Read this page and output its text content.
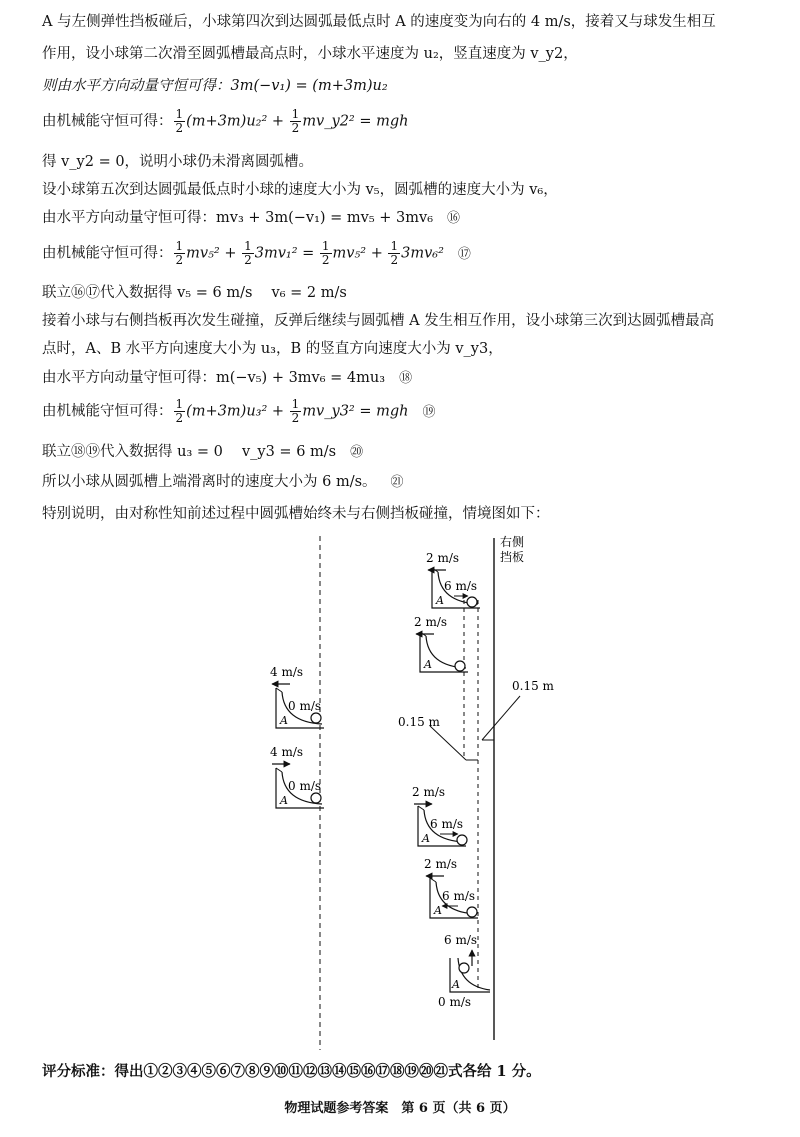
A 与左侧弹性挡板碰后，小球第四次到达圆弧最低点时 A 的速度变为向右的 4 m/s，接着又与球发生相互
作用，设小球第二次滑至圆弧槽最高点时，小球水平速度为 u₂，竖直速度为 v_y2，
则由水平方向动量守恒可得：3m(−v₁) = (m+3m)u₂
由机械能守恒可得： $\frac{1}{2} (m+3m)u_2^2 + \frac{1}{2}$ mv_y2² = mgh
得 v_y2 = 0，说明小球仍未滑离圆弧槽。
设小球第五次到达圆弧最低点时小球的速度大小为 v₅，圆弧槽的速度大小为 v₆，
由水平方向动量守恒可得：mv₃ + 3m(−v₁) = mv₅ + 3mv₆ ⑯
由机械能守恒可得： $\frac{1}{2} mv_5^2 + \frac{1}{2} 3mv_1^2 = \frac{1}{2} mv_5^2 + \frac{1}{2} 3mv_6^2$ ⑰
联立⑯⑰代入数据得 v₅ = 6 m/s　 v₆ = 2 m/s
接着小球与右侧挡板再次发生碰撞，反弹后继续与圆弧槽 A 发生相互作用，设小球第三次到达圆弧槽最高
点时，A、B 水平方向速度大小为 u₃，B 的竖直方向速度大小为 v_y3，
由水平方向动量守恒可得：m(−v₅) + 3mv₆ = 4mu₃ ⑱
由机械能守恒可得： $\frac{1}{2} (m+3m)u_3^2 + \frac{1}{2}$ mv_y3² = mgh ⑲
联立⑱⑲代入数据得 u₃ = 0　 v_y3 = 6 m/s ⑳
所以小球从圆弧槽上端滑离时的速度大小为 6 m/s。 ㉑
特别说明，由对称性知前述过程中圆弧槽始终未与右侧挡板碰撞，情境图如下：
右侧
挡板
0.15 m
0.15 m
4 m/s
A
0 m/s
4 m/s
A
0 m/s
2 m/s
A
6 m/s
2 m/s
A
2 m/s
A
6 m/s
2 m/s
A
6 m/s
6 m/s
A
0 m/s
评分标准：得出①②③④⑤⑥⑦⑧⑨⑩⑪⑫⑬⑭⑮⑯⑰⑱⑲⑳㉑式各给 1 分。
物理试题参考答案　第 6 页（共 6 页）
